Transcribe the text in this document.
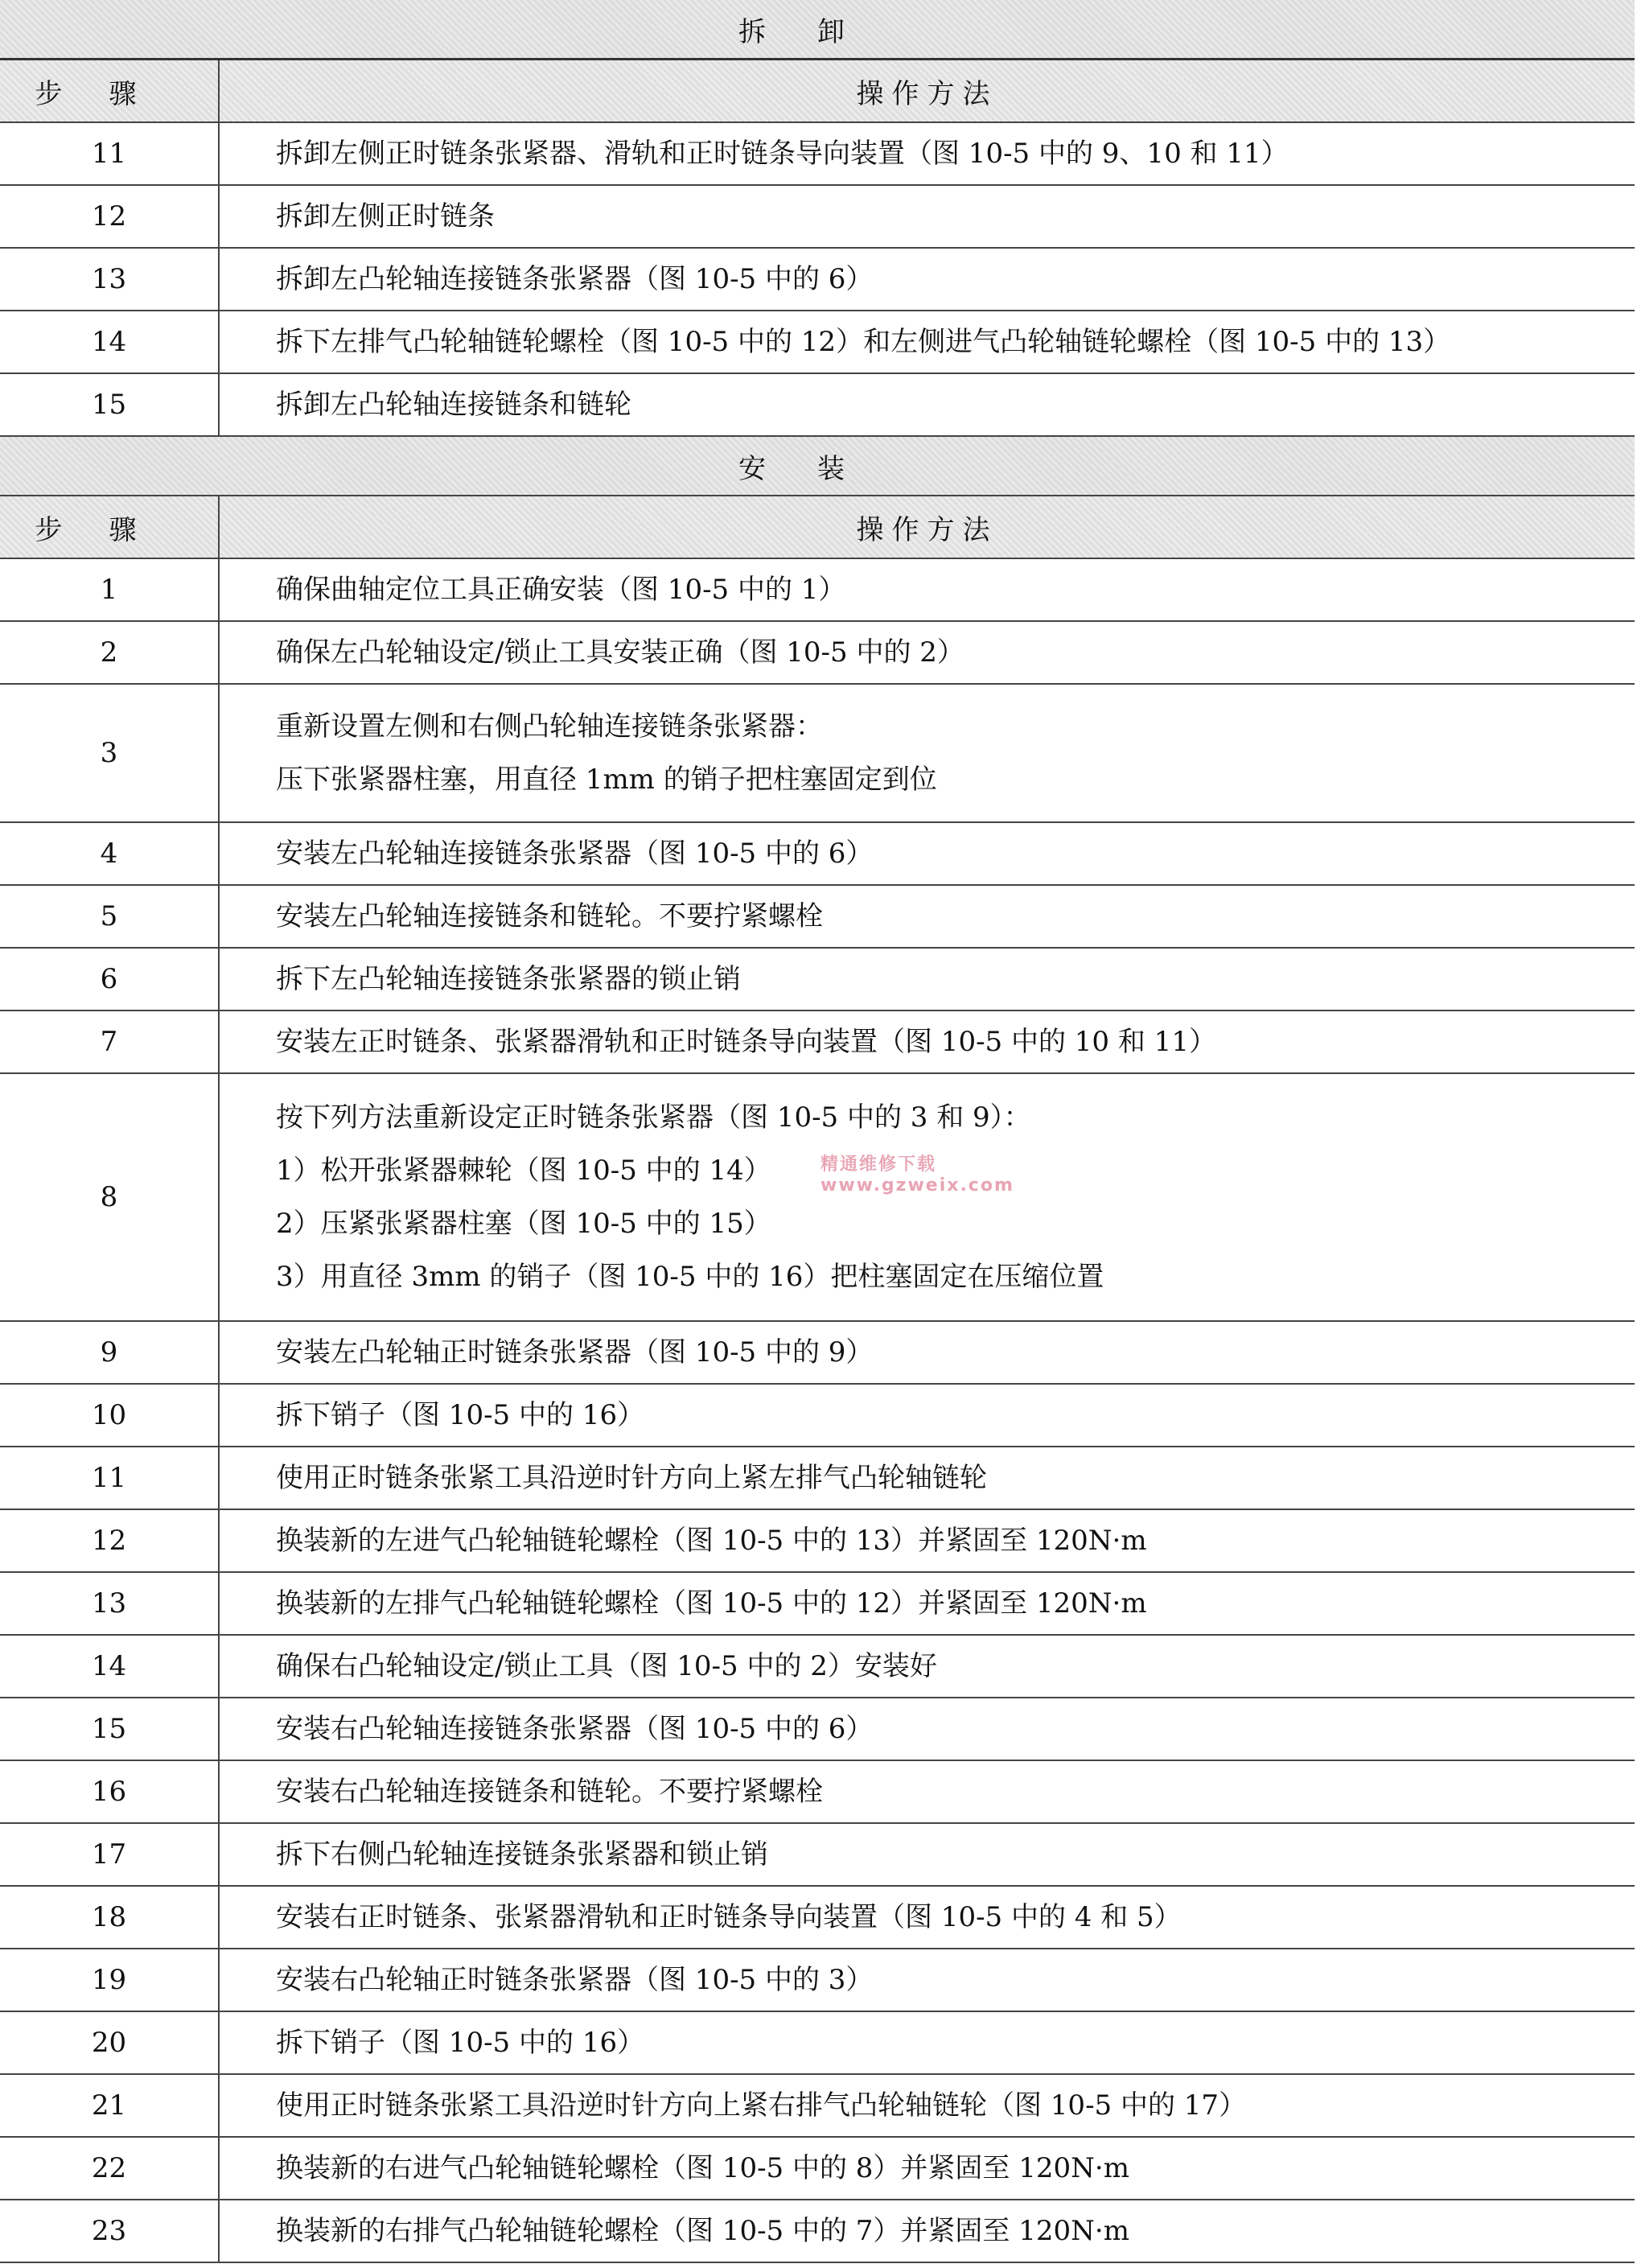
拆卸	
步骤	操作方法
11	拆卸左侧正时链条张紧器、滑轨和正时链条导向装置（图 10-5 中的 9、10 和 11）
12	拆卸左侧正时链条
13	拆卸左凸轮轴连接链条张紧器（图 10-5 中的 6）
14	拆下左排气凸轮轴链轮螺栓（图 10-5 中的 12）和左侧进气凸轮轴链轮螺栓（图 10-5 中的 13）
15	拆卸左凸轮轴连接链条和链轮
安装	
步骤	操作方法
1	确保曲轴定位工具正确安装（图 10-5 中的 1）

2	确保左凸轮轴设定/锁止工具安装正确（图 10-5 中的 2）

3	重新设置左侧和右侧凸轮轴连接链条张紧器：
压下张紧器柱塞，用直径 1mm 的销子把柱塞固定到位

4	安装左凸轮轴连接链条张紧器（图 10-5 中的 6）

5	安装左凸轮轴连接链条和链轮。不要拧紧螺栓

6	拆下左凸轮轴连接链条张紧器的锁止销

7	安装左正时链条、张紧器滑轨和正时链条导向装置（图 10-5 中的 10 和 11）

8	按下列方法重新设定正时链条张紧器（图 10-5 中的 3 和 9）：
1）松开张紧器棘轮（图 10-5 中的 14）
2）压紧张紧器柱塞（图 10-5 中的 15）
3）用直径 3mm 的销子（图 10-5 中的 16）把柱塞固定在压缩位置

9	安装左凸轮轴正时链条张紧器（图 10-5 中的 9）

10	拆下销子（图 10-5 中的 16）

11	使用正时链条张紧工具沿逆时针方向上紧左排气凸轮轴链轮

12	换装新的左进气凸轮轴链轮螺栓（图 10-5 中的 13）并紧固至 120N·m

13	换装新的左排气凸轮轴链轮螺栓（图 10-5 中的 12）并紧固至 120N·m

14	确保右凸轮轴设定/锁止工具（图 10-5 中的 2）安装好

15	安装右凸轮轴连接链条张紧器（图 10-5 中的 6）

16	安装右凸轮轴连接链条和链轮。不要拧紧螺栓

17	拆下右侧凸轮轴连接链条张紧器和锁止销

18	安装右正时链条、张紧器滑轨和正时链条导向装置（图 10-5 中的 4 和 5）

19	安装右凸轮轴正时链条张紧器（图 10-5 中的 3）

20	拆下销子（图 10-5 中的 16）

21	使用正时链条张紧工具沿逆时针方向上紧右排气凸轮轴链轮（图 10-5 中的 17）

22	换装新的右进气凸轮轴链轮螺栓（图 10-5 中的 8）并紧固至 120N·m

23	换装新的右排气凸轮轴链轮螺栓（图 10-5 中的 7）并紧固至 120N·m
精通维修下载
www.gzweix.com
